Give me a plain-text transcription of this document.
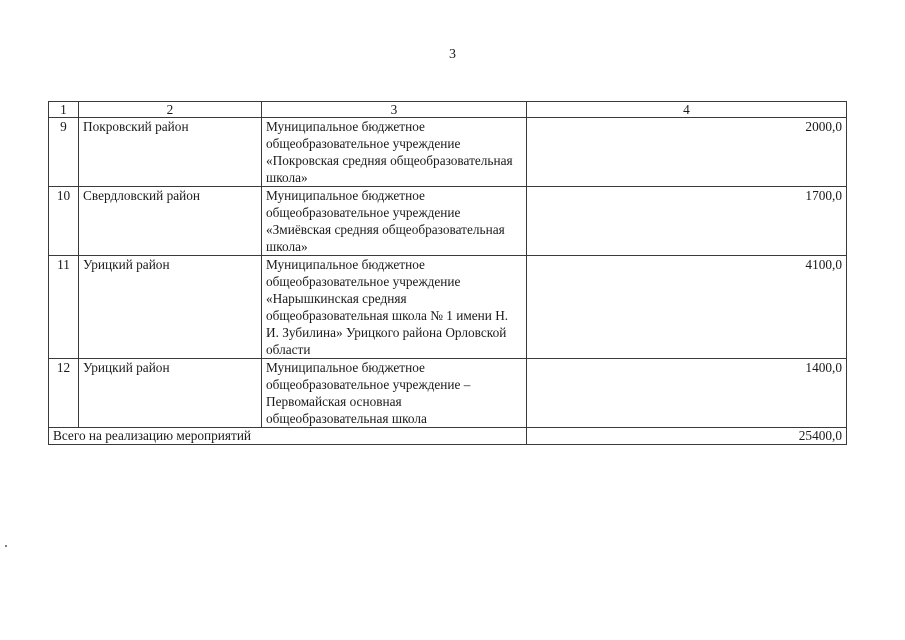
3
1	2	3	4
9	Покровский район	Муниципальное бюджетное общеобразовательное учреждение «Покровская средняя общеобразовательная школа»	2000,0
10	Свердловский район	Муниципальное бюджетное общеобразовательное учреждение «Змиёвская средняя общеобразовательная школа»	1700,0
11	Урицкий район	Муниципальное бюджетное общеобразовательное учреждение «Нарышкинская средняя общеобразовательная школа № 1 имени Н. И. Зубилина» Урицкого района Орловской области	4100,0
12	Урицкий район	Муниципальное бюджетное общеобразовательное учреждение – Первомайская основная общеобразовательная школа	1400,0
Всего на реализацию мероприятий			25400,0
